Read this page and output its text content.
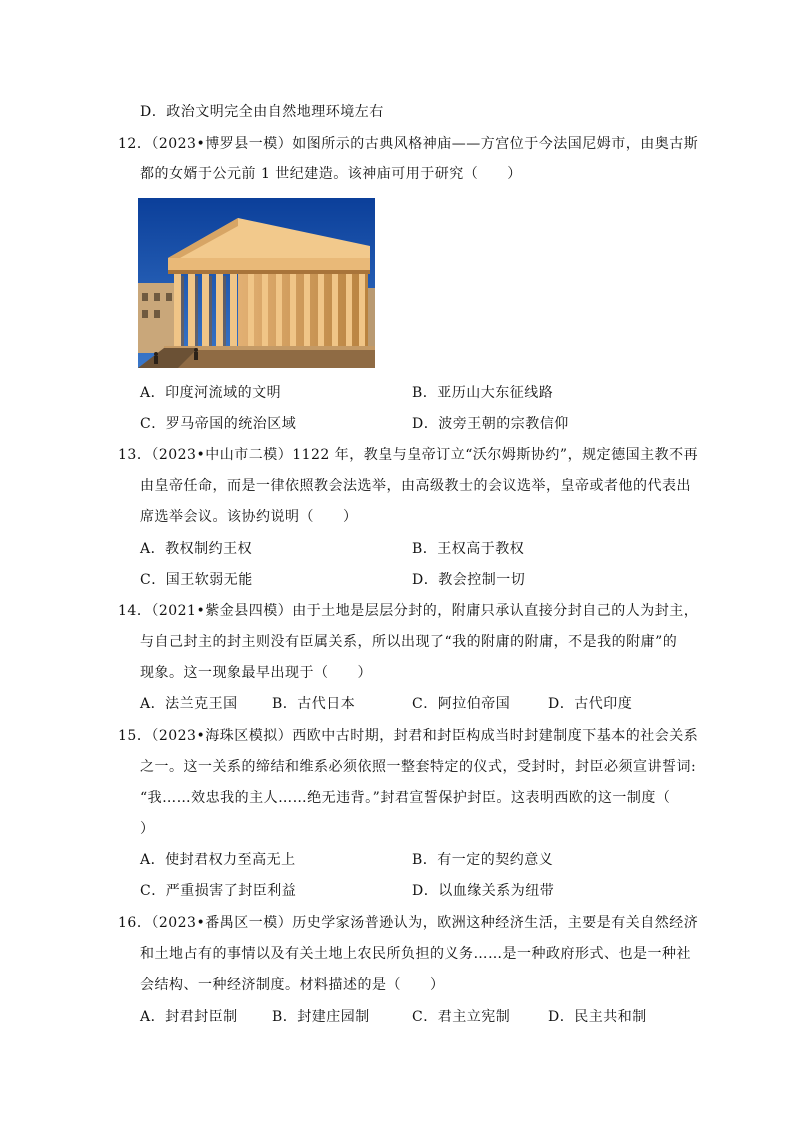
D．政治文明完全由自然地理环境左右
12．（2023•博罗县一模）如图所示的古典风格神庙——方宫位于今法国尼姆市，由奥古斯
都的女婿于公元前 1 世纪建造。该神庙可用于研究（　　）
A．印度河流域的文明	B．亚历山大东征线路
C．罗马帝国的统治区域	D．波旁王朝的宗教信仰
13．（2023•中山市二模）1122 年，教皇与皇帝订立“沃尔姆斯协约”，规定德国主教不再
由皇帝任命，而是一律依照教会法选举，由高级教士的会议选举，皇帝或者他的代表出
席选举会议。该协约说明（　　）
A．教权制约王权	B．王权高于教权
C．国王软弱无能	D．教会控制一切
14．（2021•紫金县四模）由于土地是层层分封的，附庸只承认直接分封自己的人为封主，
与自己封主的封主则没有臣属关系，所以出现了“我的附庸的附庸，不是我的附庸”的
现象。这一现象最早出现于（　　）
A．法兰克王国 B．古代日本	C．阿拉伯帝国	D．古代印度
15．（2023•海珠区模拟）西欧中古时期，封君和封臣构成当时封建制度下基本的社会关系
之一。这一关系的缔结和维系必须依照一整套特定的仪式，受封时，封臣必须宣讲誓词:
“我……效忠我的主人……绝无违背。”封君宣誓保护封臣。这表明西欧的这一制度（
）
A．使封君权力至高无上	B．有一定的契约意义
C．严重损害了封臣利益	D．以血缘关系为纽带
16．（2023•番禺区一模）历史学家汤普逊认为，欧洲这种经济生活，主要是有关自然经济
和土地占有的事情以及有关土地上农民所负担的义务……是一种政府形式、也是一种社
会结构、一种经济制度。材料描述的是（　　）
A．封君封臣制 B．封建庄园制	C．君主立宪制	D．民主共和制
